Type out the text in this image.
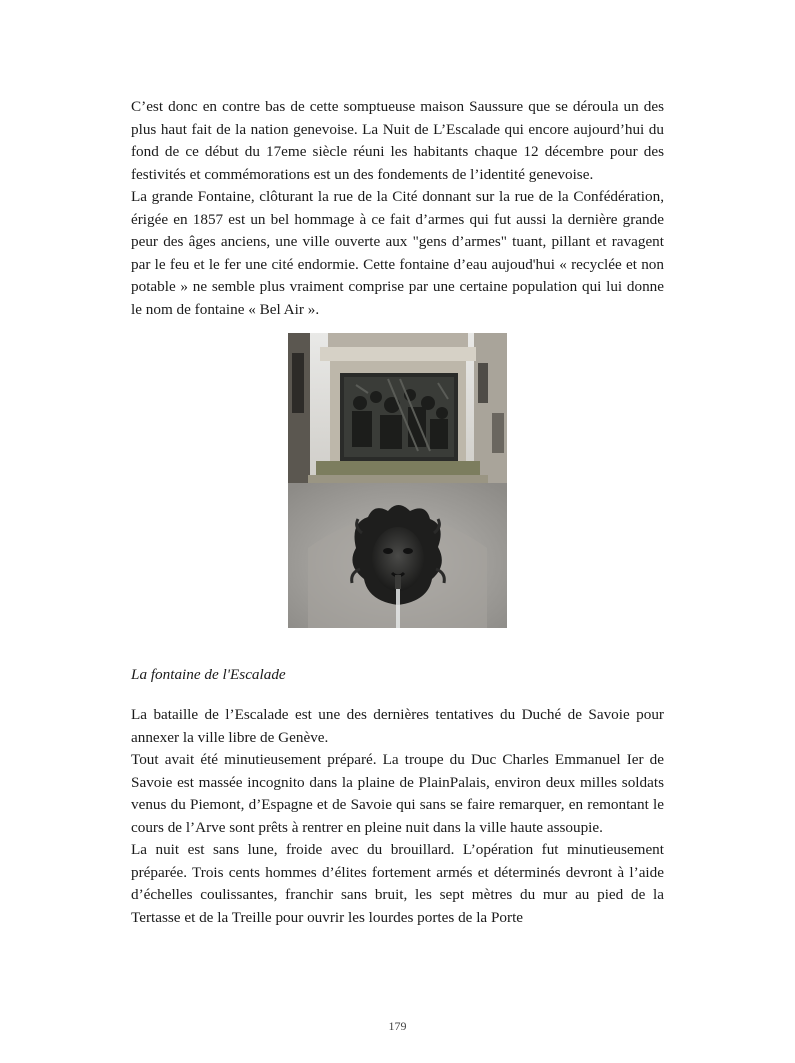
C’est donc en contre bas de cette somptueuse maison Saussure que se déroula un des plus haut fait de la nation genevoise. La Nuit de L’Escalade qui encore aujourd’hui du fond de ce début du 17eme siècle réuni les habitants chaque 12 décembre pour des festivités et commémorations est un des fondements de l’identité genevoise.

La grande Fontaine, clôturant la rue de la Cité donnant sur la rue de la Confédération, érigée en 1857 est un bel hommage à ce fait d’armes qui fut aussi la dernière grande peur des âges anciens, une ville ouverte aux "gens d’armes" tuant, pillant et ravagent par le feu et le fer une cité endormie. Cette fontaine d’eau aujoud'hui « recyclée et non potable » ne semble plus vraiment comprise par une certaine population qui lui donne le nom de fontaine « Bel Air ».

La fontaine de l'Escalade

La bataille de l’Escalade est une des dernières tentatives du Duché de Savoie pour annexer la ville libre de Genève.

Tout avait été minutieusement préparé. La troupe du Duc Charles Emmanuel Ier de Savoie est massée incognito dans la plaine de PlainPalais, environ deux milles soldats venus du Piemont, d’Espagne et de Savoie qui sans se faire remarquer, en remontant le cours de l’Arve sont prêts à rentrer en pleine nuit dans la ville haute assoupie.

La nuit est sans lune, froide avec du brouillard. L’opération fut minutieusement préparée. Trois cents hommes d’élites fortement armés et déterminés devront à l’aide d’échelles coulissantes, franchir sans bruit, les sept mètres du mur au pied de la Tertasse et de la Treille pour ouvrir les lourdes portes de la Porte

179
